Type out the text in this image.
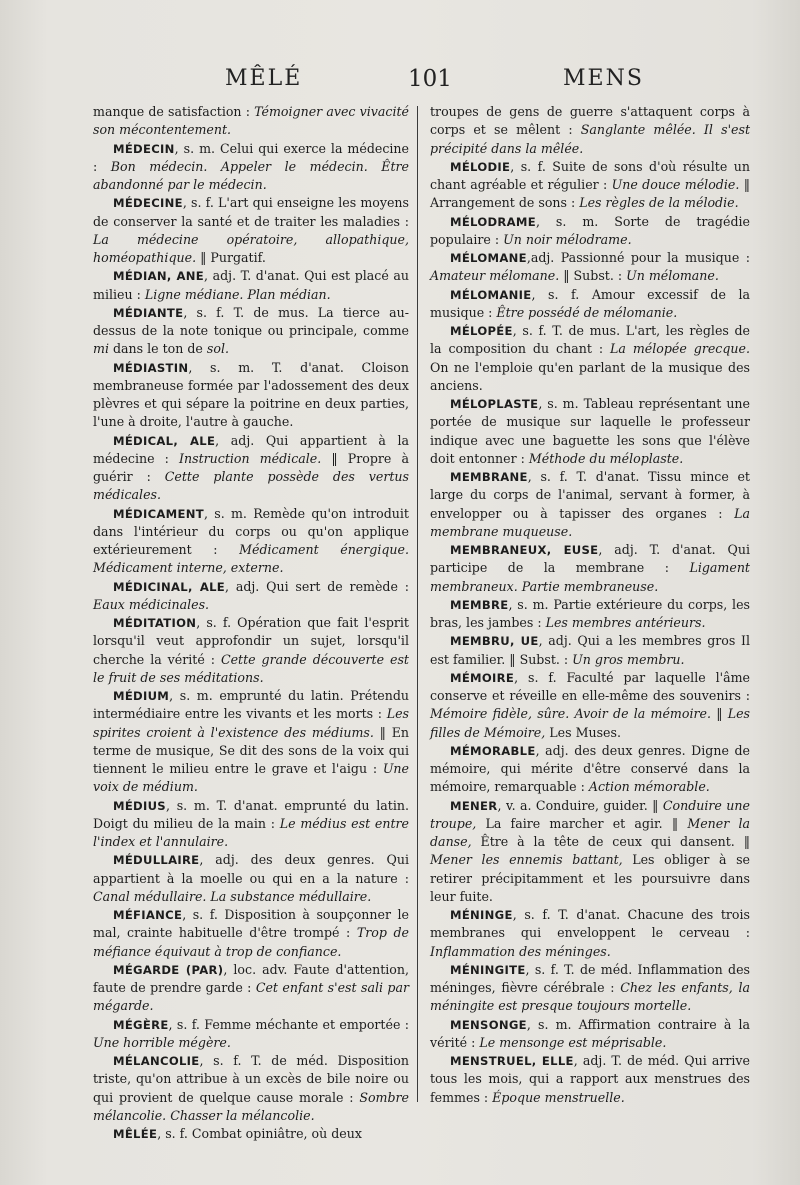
MÊLÉ	101	MENS

manque de satisfaction : Témoigner avec vivacité son mécontentement.

MÉDECIN, s. m. Celui qui exerce la médecine : Bon médecin. Appeler le médecin. Être abandonné par le médecin.

MÉDECINE, s. f. L'art qui enseigne les moyens de conserver la santé et de traiter les maladies : La médecine opératoire, allopathique, homéopathique. ‖ Purgatif.

MÉDIAN, ANE, adj. T. d'anat. Qui est placé au milieu : Ligne médiane. Plan médian.

MÉDIANTE, s. f. T. de mus. La tierce au-dessus de la note tonique ou principale, comme mi dans le ton de sol.

MÉDIASTIN, s. m. T. d'anat. Cloison membraneuse formée par l'adossement des deux plèvres et qui sépare la poitrine en deux parties, l'une à droite, l'autre à gauche.

MÉDICAL, ALE, adj. Qui appartient à la médecine : Instruction médicale. ‖ Propre à guérir : Cette plante possède des vertus médicales.

MÉDICAMENT, s. m. Remède qu'on introduit dans l'intérieur du corps ou qu'on applique extérieurement : Médicament énergique. Médicament interne, externe.

MÉDICINAL, ALE, adj. Qui sert de remède : Eaux médicinales.

MÉDITATION, s. f. Opération que fait l'esprit lorsqu'il veut approfondir un sujet, lorsqu'il cherche la vérité : Cette grande découverte est le fruit de ses méditations.

MÉDIUM, s. m. emprunté du latin. Prétendu intermédiaire entre les vivants et les morts : Les spirites croient à l'existence des médiums. ‖ En terme de musique, Se dit des sons de la voix qui tiennent le milieu entre le grave et l'aigu : Une voix de médium.

MÉDIUS, s. m. T. d'anat. emprunté du latin. Doigt du milieu de la main : Le médius est entre l'index et l'annulaire.

MÉDULLAIRE, adj. des deux genres. Qui appartient à la moelle ou qui en a la nature : Canal médullaire. La substance médullaire.

MÉFIANCE, s. f. Disposition à soupçonner le mal, crainte habituelle d'être trompé : Trop de méfiance équivaut à trop de confiance.

MÉGARDE (PAR), loc. adv. Faute d'attention, faute de prendre garde : Cet enfant s'est sali par mégarde.

MÉGÈRE, s. f. Femme méchante et emportée : Une horrible mégère.

MÉLANCOLIE, s. f. T. de méd. Disposition triste, qu'on attribue à un excès de bile noire ou qui provient de quelque cause morale : Sombre mélancolie. Chasser la mélancolie.

MÊLÉE, s. f. Combat opiniâtre, où deux

troupes de gens de guerre s'attaquent corps à corps et se mêlent : Sanglante mêlée. Il s'est précipité dans la mêlée.

MÉLODIE, s. f. Suite de sons d'où résulte un chant agréable et régulier : Une douce mélodie. ‖ Arrangement de sons : Les règles de la mélodie.

MÉLODRAME, s. m. Sorte de tragédie populaire : Un noir mélodrame.

MÉLOMANE,adj. Passionné pour la musique : Amateur mélomane. ‖ Subst. : Un mélomane.

MÉLOMANIE, s. f. Amour excessif de la musique : Être possédé de mélomanie.

MÉLOPÉE, s. f. T. de mus. L'art, les règles de la composition du chant : La mélopée grecque. On ne l'emploie qu'en parlant de la musique des anciens.

MÉLOPLASTE, s. m. Tableau représentant une portée de musique sur laquelle le professeur indique avec une baguette les sons que l'élève doit entonner : Méthode du méloplaste.

MEMBRANE, s. f. T. d'anat. Tissu mince et large du corps de l'animal, servant à former, à envelopper ou à tapisser des organes : La membrane muqueuse.

MEMBRANEUX, EUSE, adj. T. d'anat. Qui participe de la membrane : Ligament membraneux. Partie membraneuse.

MEMBRE, s. m. Partie extérieure du corps, les bras, les jambes : Les membres antérieurs.

MEMBRU, UE, adj. Qui a les membres gros Il est familier. ‖ Subst. : Un gros membru.

MÉMOIRE, s. f. Faculté par laquelle l'âme conserve et réveille en elle-même des souvenirs : Mémoire fidèle, sûre. Avoir de la mémoire. ‖ Les filles de Mémoire, Les Muses.

MÉMORABLE, adj. des deux genres. Digne de mémoire, qui mérite d'être conservé dans la mémoire, remarquable : Action mémorable.

MENER, v. a. Conduire, guider. ‖ Conduire une troupe, La faire marcher et agir. ‖ Mener la danse, Être à la tête de ceux qui dansent. ‖ Mener les ennemis battant, Les obliger à se retirer précipitamment et les poursuivre dans leur fuite.

MÉNINGE, s. f. T. d'anat. Chacune des trois membranes qui enveloppent le cerveau : Inflammation des méninges.

MÉNINGITE, s. f. T. de méd. Inflammation des méninges, fièvre cérébrale : Chez les enfants, la méningite est presque toujours mortelle.

MENSONGE, s. m. Affirmation contraire à la vérité : Le mensonge est méprisable.

MENSTRUEL, ELLE, adj. T. de méd. Qui arrive tous les mois, qui a rapport aux menstrues des femmes : Époque menstruelle.
